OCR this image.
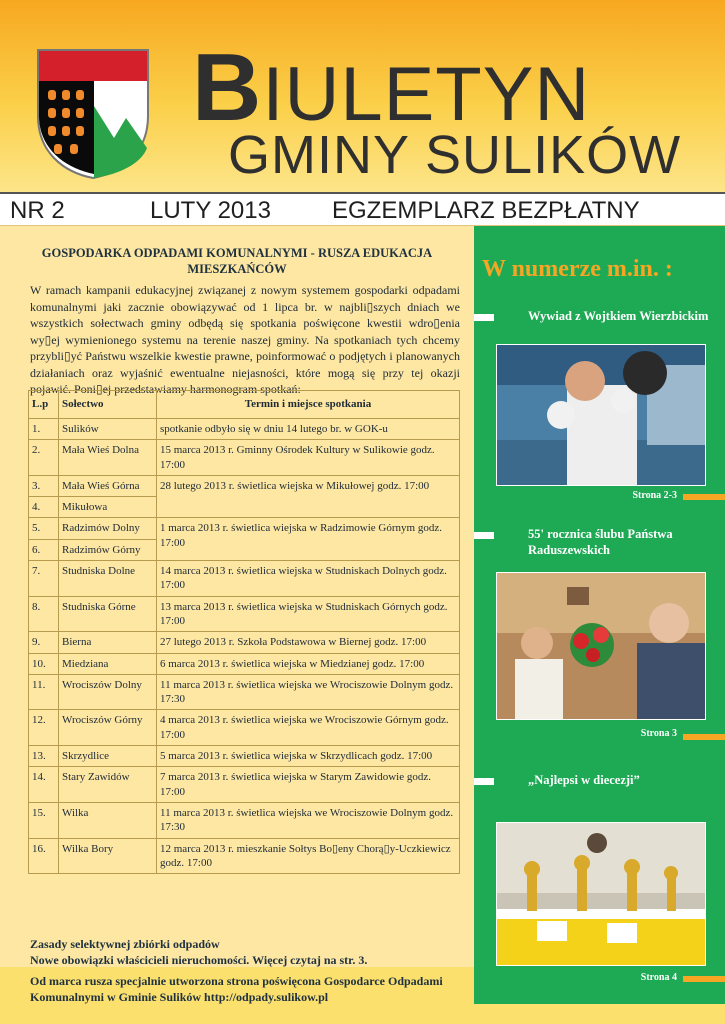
BIULETYN
GMINY SULIKÓW
NR 2	LUTY 2013	EGZEMPLARZ BEZPŁATNY
GOSPODARKA ODPADAMI KOMUNALNYMI - RUSZA EDUKACJA MIESZKAŃCÓW
W ramach kampanii edukacyjnej związanej z nowym systemem gospodarki odpadami komunalnymi jaki zacznie obowiązywać od 1 lipca br. w najbli▯szych dniach we wszystkich sołectwach gminy odbędą się spotkania poświęcone kwestii wdro▯enia wy▯ej wymienionego systemu na terenie naszej gminy. Na spotkaniach tych chcemy przybli▯yć Państwu wszelkie kwestie prawne, poinformować o podjętych i planowanych działaniach oraz wyjaśnić ewentualne niejasności, które mogą się przy tej okazji pojawić. Poni▯ej przedstawiamy harmonogram spotkań:
L.p	Sołectwo	Termin i miejsce spotkania
1.	Sulików	spotkanie odbyło się w dniu 14 lutego br. w GOK-u
2.	Mała Wieś Dolna	15 marca 2013 r. Gminny Ośrodek Kultury w Sulikowie godz. 17:00
3.	Mała Wieś Górna	28 lutego 2013 r. świetlica wiejska w Mikułowej godz. 17:00
4.	Mikułowa	
5.	Radzimów Dolny	1 marca 2013 r. świetlica wiejska w Radzimowie Górnym godz. 17:00
6.	Radzimów Górny	
7.	Studniska Dolne	14 marca 2013 r. świetlica wiejska w Studniskach Dolnych godz. 17:00
8.	Studniska Górne	13 marca 2013 r. świetlica wiejska w Studniskach Górnych godz. 17:00
9.	Bierna	27 lutego 2013 r. Szkoła Podstawowa w Biernej godz. 17:00
10.	Miedziana	6 marca 2013 r. świetlica wiejska w Miedzianej godz. 17:00
11.	Wrociszów Dolny	11 marca 2013 r. świetlica wiejska we Wrociszowie Dolnym godz. 17:30
12.	Wrociszów Górny	4 marca 2013 r. świetlica wiejska we Wrociszowie Górnym godz. 17:00
13.	Skrzydlice	5 marca 2013 r. świetlica wiejska w Skrzydlicach godz. 17:00
14.	Stary Zawidów	7 marca 2013 r. świetlica wiejska w Starym Zawidowie godz. 17:00
15.	Wilka	11 marca 2013 r. świetlica wiejska we Wrociszowie Dolnym godz. 17:30
16.	Wilka Bory	12 marca 2013 r. mieszkanie Sołtys Bo▯eny Chorą▯y-Uczkiewicz godz. 17:00
Zasady selektywnej zbiórki odpadów
Nowe obowiązki właścicieli nieruchomości. Więcej czytaj na str. 3.

Od marca rusza specjalnie utworzona strona poświęcona Gospodarce Odpadami Komunalnymi w Gminie Sulików http://odpady.sulikow.pl

W numerze m.in. :
Wywiad z Wojtkiem Wierzbickim
Strona 2-3
55' rocznica ślubu Państwa Raduszewskich
Strona 3
„Najlepsi w diecezji”
Strona 4
